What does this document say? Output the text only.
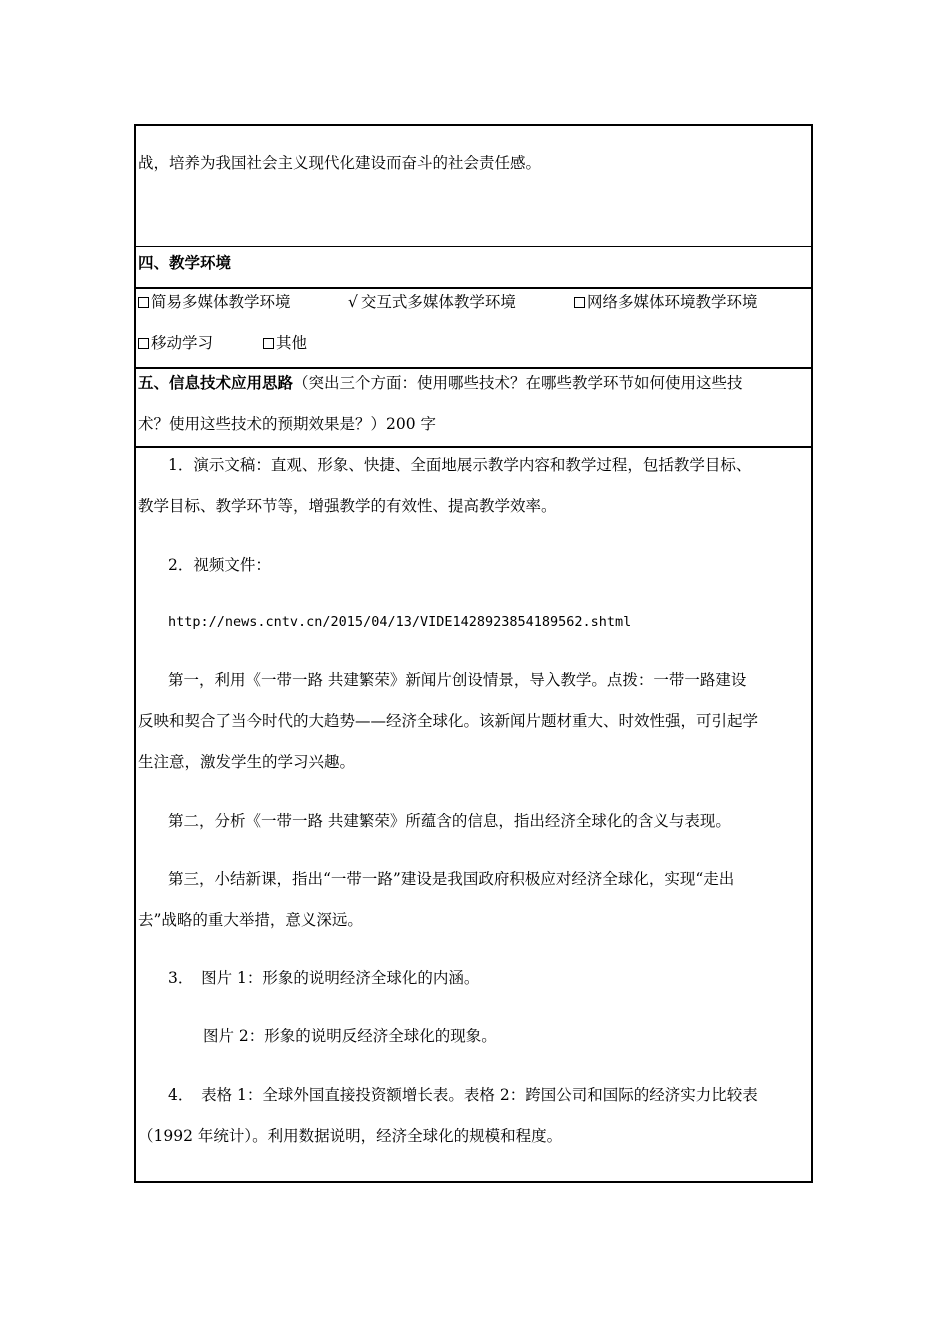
战，培养为我国社会主义现代化建设而奋斗的社会责任感。
四、教学环境
简易多媒体教学环境	√ 交互式多媒体教学环境	网络多媒体环境教学环境
移动学习	其他
五、信息技术应用思路（突出三个方面：使用哪些技术？在哪些教学环节如何使用这些技
术？使用这些技术的预期效果是？）200 字
1．演示文稿：直观、形象、快捷、全面地展示教学内容和教学过程，包括教学目标、
教学目标、教学环节等，增强教学的有效性、提高教学效率。
2．视频文件：
http://news.cntv.cn/2015/04/13/VIDE1428923854189562.shtml
第一，利用《一带一路 共建繁荣》新闻片创设情景，导入教学。点拨：一带一路建设
反映和契合了当今时代的大趋势——经济全球化。该新闻片题材重大、时效性强，可引起学
生注意，激发学生的学习兴趣。
第二，分析《一带一路 共建繁荣》所蕴含的信息，指出经济全球化的含义与表现。
第三，小结新课，指出“一带一路”建设是我国政府积极应对经济全球化，实现“走出
去”战略的重大举措，意义深远。
3．　图片 1：形象的说明经济全球化的内涵。
图片 2：形象的说明反经济全球化的现象。
4．　表格 1：全球外国直接投资额增长表。表格 2：跨国公司和国际的经济实力比较表
（1992 年统计）。利用数据说明，经济全球化的规模和程度。
